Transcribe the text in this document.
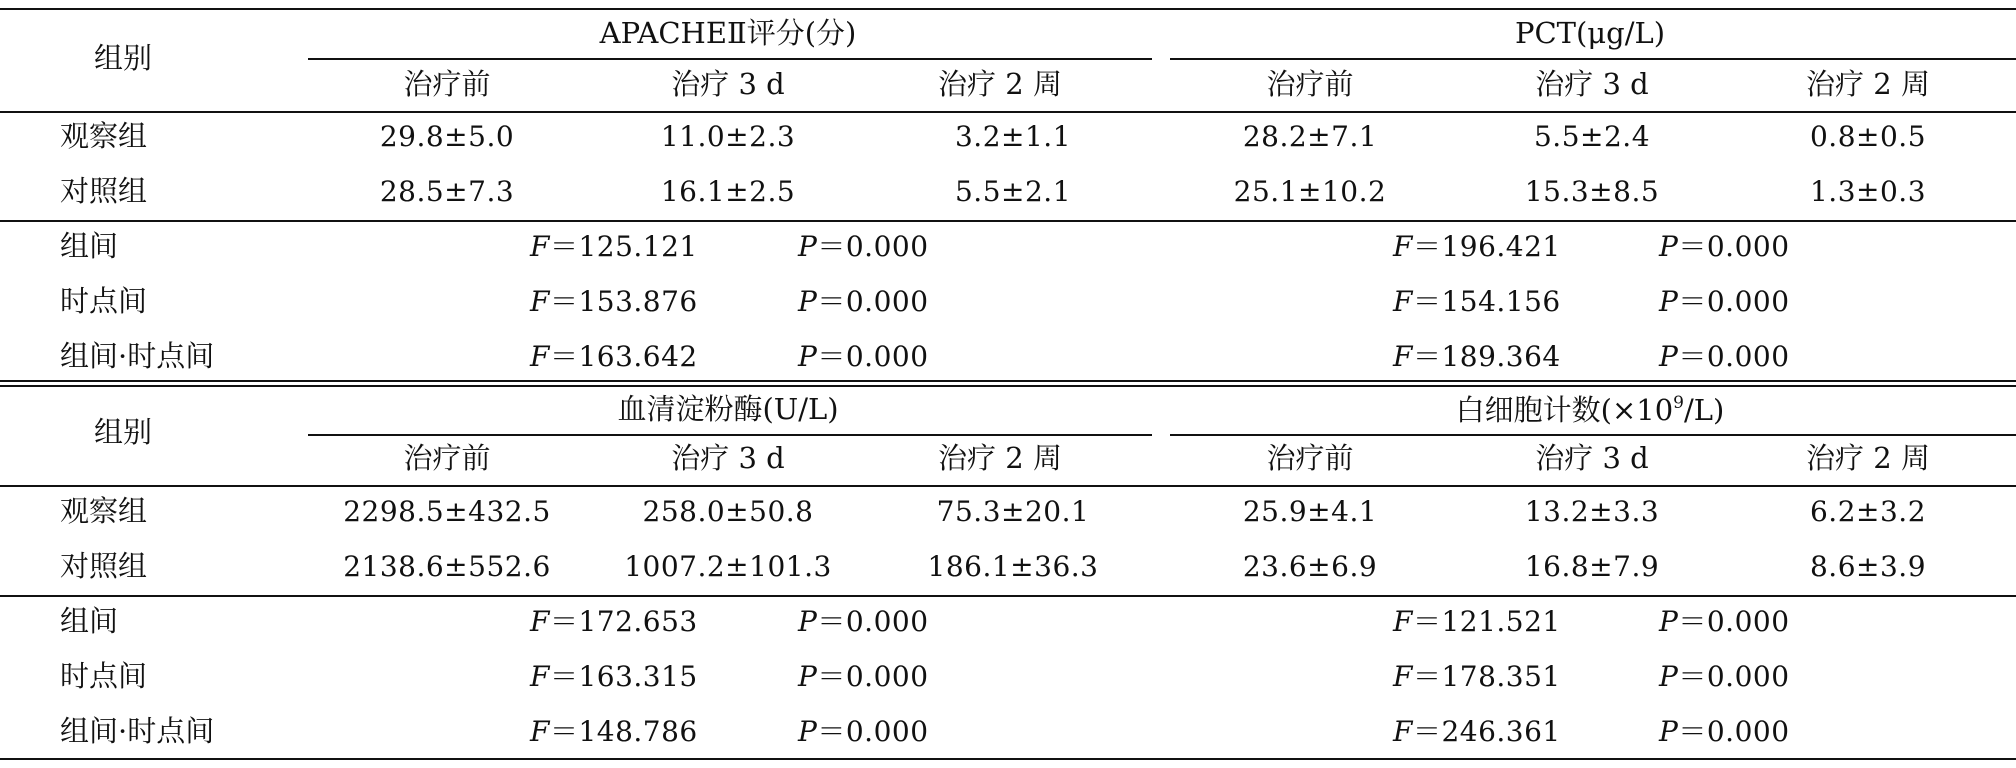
组别
APACHEⅡ评分(分)	PCT(μg/L)
治疗前	治疗 3 d	治疗 2 周	治疗前	治疗 3 d	治疗 2 周
观察组	29.8±5.0	11.0±2.3	3.2±1.1	28.2±7.1	5.5±2.4	0.8±0.5
对照组	28.5±7.3	16.1±2.5	5.5±2.1	25.1±10.2	15.3±8.5	1.3±0.3
组间	F＝125.121	P＝0.000	F＝196.421	P＝0.000
时点间	F＝153.876	P＝0.000	F＝154.156	P＝0.000
组间·时点间	F＝163.642	P＝0.000	F＝189.364	P＝0.000
组别
血清淀粉酶(U/L)	白细胞计数$(\times 10^9/L)$
治疗前	治疗 3 d	治疗 2 周	治疗前	治疗 3 d	治疗 2 周
观察组	2298.5±432.5	258.0±50.8	75.3±20.1	25.9±4.1	13.2±3.3	6.2±3.2
对照组	2138.6±552.6	1007.2±101.3	186.1±36.3	23.6±6.9	16.8±7.9	8.6±3.9
组间	F＝172.653	P＝0.000	F＝121.521	P＝0.000
时点间	F＝163.315	P＝0.000	F＝178.351	P＝0.000
组间·时点间	F＝148.786	P＝0.000	F＝246.361	P＝0.000
